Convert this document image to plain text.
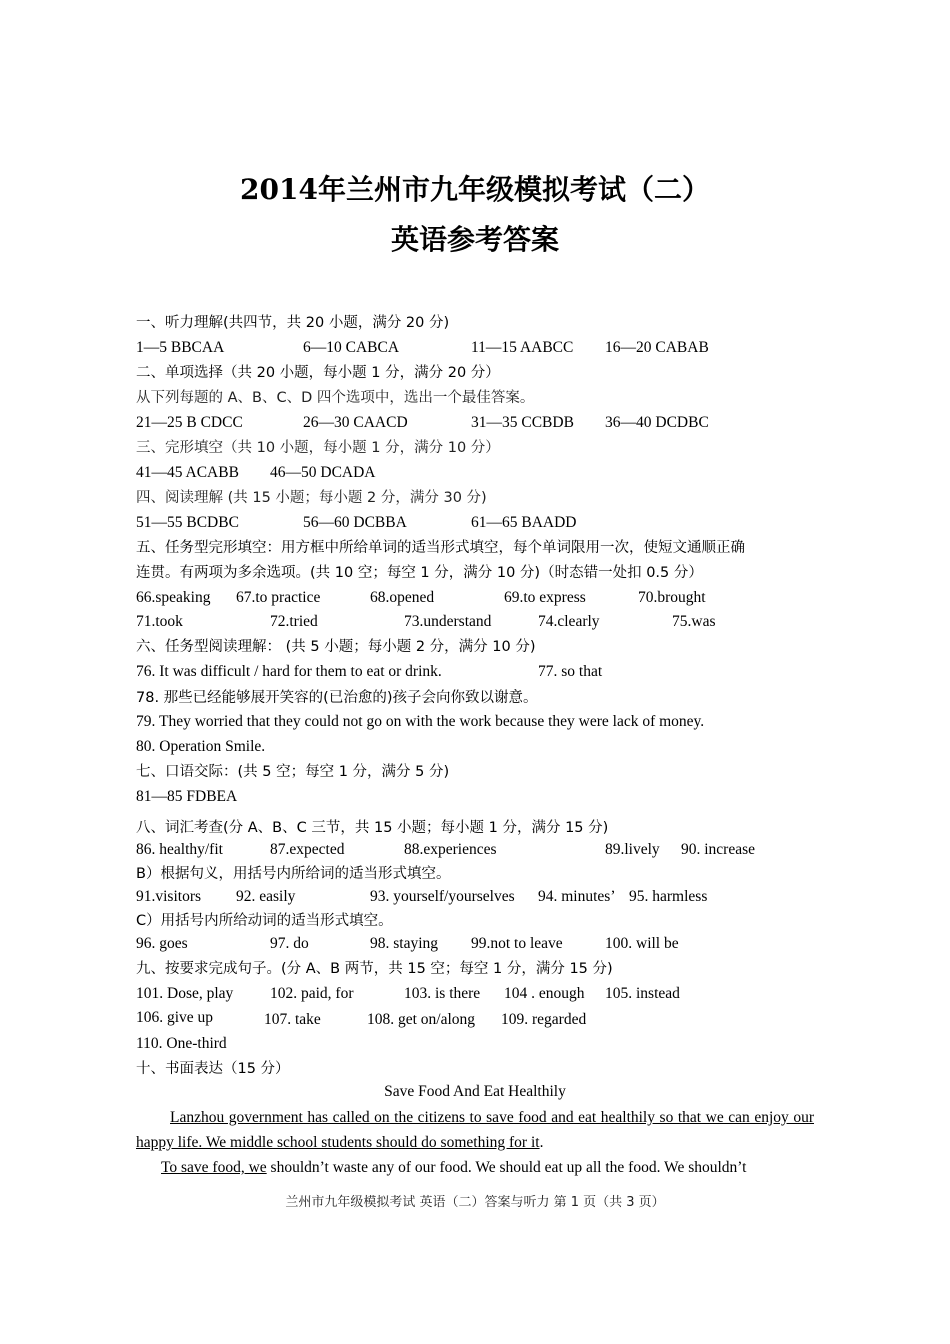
2014年兰州市九年级模拟考试（二）
英语参考答案
一、听力理解(共四节，共 20 小题，满分 20 分)
1—5 BBCAA	6—10 CABCA	11—15 AABCC 16—20 CABAB
二、单项选择（共 20 小题，每小题 1 分，满分 20 分）
从下列每题的 A、B、C、D 四个选项中，选出一个最佳答案。
21—25 B CDCC	26—30 CAACD	31—35 CCBDB 36—40 DCDBC
三、完形填空（共 10 小题，每小题 1 分，满分 10 分）
41—45 ACABB 46—50 DCADA
四、阅读理解 (共 15 小题；每小题 2 分，满分 30 分)
51—55 BCDBC	56—60 DCBBA	61—65 BAADD
五、任务型完形填空：用方框中所给单词的适当形式填空，每个单词限用一次，使短文通顺正确
连贯。有两项为多余选项。(共 10 空；每空 1 分，满分 10 分)（时态错一处扣 0.5 分）
66.speaking 67.to practice	68.opened	69.to express	70.brought
71.took	72.tried	73.understand	74.clearly	75.was
六、任务型阅读理解： (共 5 小题；每小题 2 分，满分 10 分)
76. It was difficult / hard for them to eat or drink.	77. so that
78. 那些已经能够展开笑容的(已治愈的)孩子会向你致以谢意。
79. They worried that they could not go on with the work because they were lack of money.
80. Operation Smile.
七、口语交际：(共 5 空；每空 1 分，满分 5 分)
81—85 FDBEA
八、词汇考查(分 A、B、C 三节，共 15 小题；每小题 1 分，满分 15 分)
86. healthy/fit	87.expected	88.experiences	89.lively 90. increase
B）根据句义，用括号内所给词的适当形式填空。
91.visitors 92. easily	93. yourself/yourselves 94. minutes’ 95. harmless
C）用括号内所给动词的适当形式填空。
96. goes	97. do	98. staying 99.not to leave	100. will be
九、按要求完成句子。(分 A、B 两节，共 15 空；每空 1 分，满分 15 分)
101. Dose, play 102. paid, for	103. is there 104 . enough 105. instead
106. give up	107. take	108. get on/along 109. regarded
110. One-third
十、书面表达（15 分）
Save Food And Eat Healthily
Lanzhou government has called on the citizens to save food and eat healthily so that we can enjoy our happy life. We middle school students should do something for it.
To save food, we shouldn’t waste any of our food. We should eat up all the food. We shouldn’t
兰州市九年级模拟考试 英语（二）答案与听力 第 1 页（共 3 页）
